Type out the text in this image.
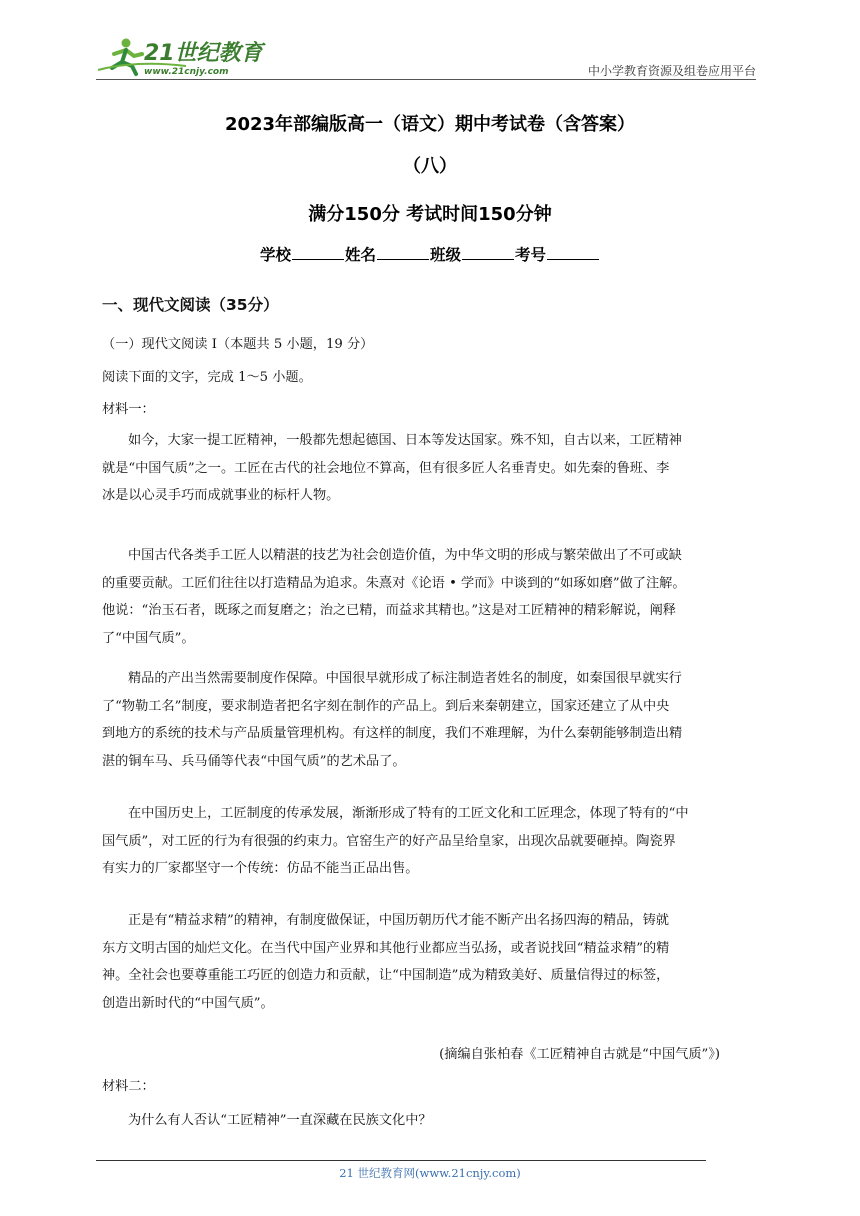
21世纪教育
www.21cnjy.com	中小学教育资源及组卷应用平台
2023年部编版高一（语文）期中考试卷（含答案）
（八）
满分150分 考试时间150分钟
学校	姓名	班级	考号
一、现代文阅读（35分）
（一）现代文阅读 I（本题共 5 小题，19 分）
阅读下面的文字，完成 1～5 小题。
材料一：
如今，大家一提工匠精神，一般都先想起德国、日本等发达国家。殊不知，自古以来，工匠精神
就是“中国气质”之一。工匠在古代的社会地位不算高，但有很多匠人名垂青史。如先秦的鲁班、李
冰是以心灵手巧而成就事业的标杆人物。
中国古代各类手工匠人以精湛的技艺为社会创造价值，为中华文明的形成与繁荣做出了不可或缺
的重要贡献。工匠们往往以打造精品为追求。朱熹对《论语 • 学而》中谈到的“如琢如磨”做了注解。
他说：“治玉石者，既琢之而复磨之；治之已精，而益求其精也。”这是对工匠精神的精彩解说，阐释
了“中国气质”。
精品的产出当然需要制度作保障。中国很早就形成了标注制造者姓名的制度，如秦国很早就实行
了“物勒工名”制度，要求制造者把名字刻在制作的产品上。到后来秦朝建立，国家还建立了从中央
到地方的系统的技术与产品质量管理机构。有这样的制度，我们不难理解，为什么秦朝能够制造出精
湛的铜车马、兵马俑等代表“中国气质”的艺术品了。
在中国历史上，工匠制度的传承发展，渐渐形成了特有的工匠文化和工匠理念，体现了特有的“中
国气质”，对工匠的行为有很强的约束力。官窑生产的好产品呈给皇家，出现次品就要砸掉。陶瓷界
有实力的厂家都坚守一个传统：仿品不能当正品出售。
正是有“精益求精”的精神，有制度做保证，中国历朝历代才能不断产出名扬四海的精品，铸就
东方文明古国的灿烂文化。在当代中国产业界和其他行业都应当弘扬，或者说找回“精益求精”的精
神。全社会也要尊重能工巧匠的创造力和贡献，让“中国制造”成为精致美好、质量信得过的标签，
创造出新时代的“中国气质”。
(摘编自张柏春《工匠精神自古就是“中国气质”》)
材料二：
为什么有人否认“工匠精神”一直深藏在民族文化中？
21 世纪教育网(www.21cnjy.com)
